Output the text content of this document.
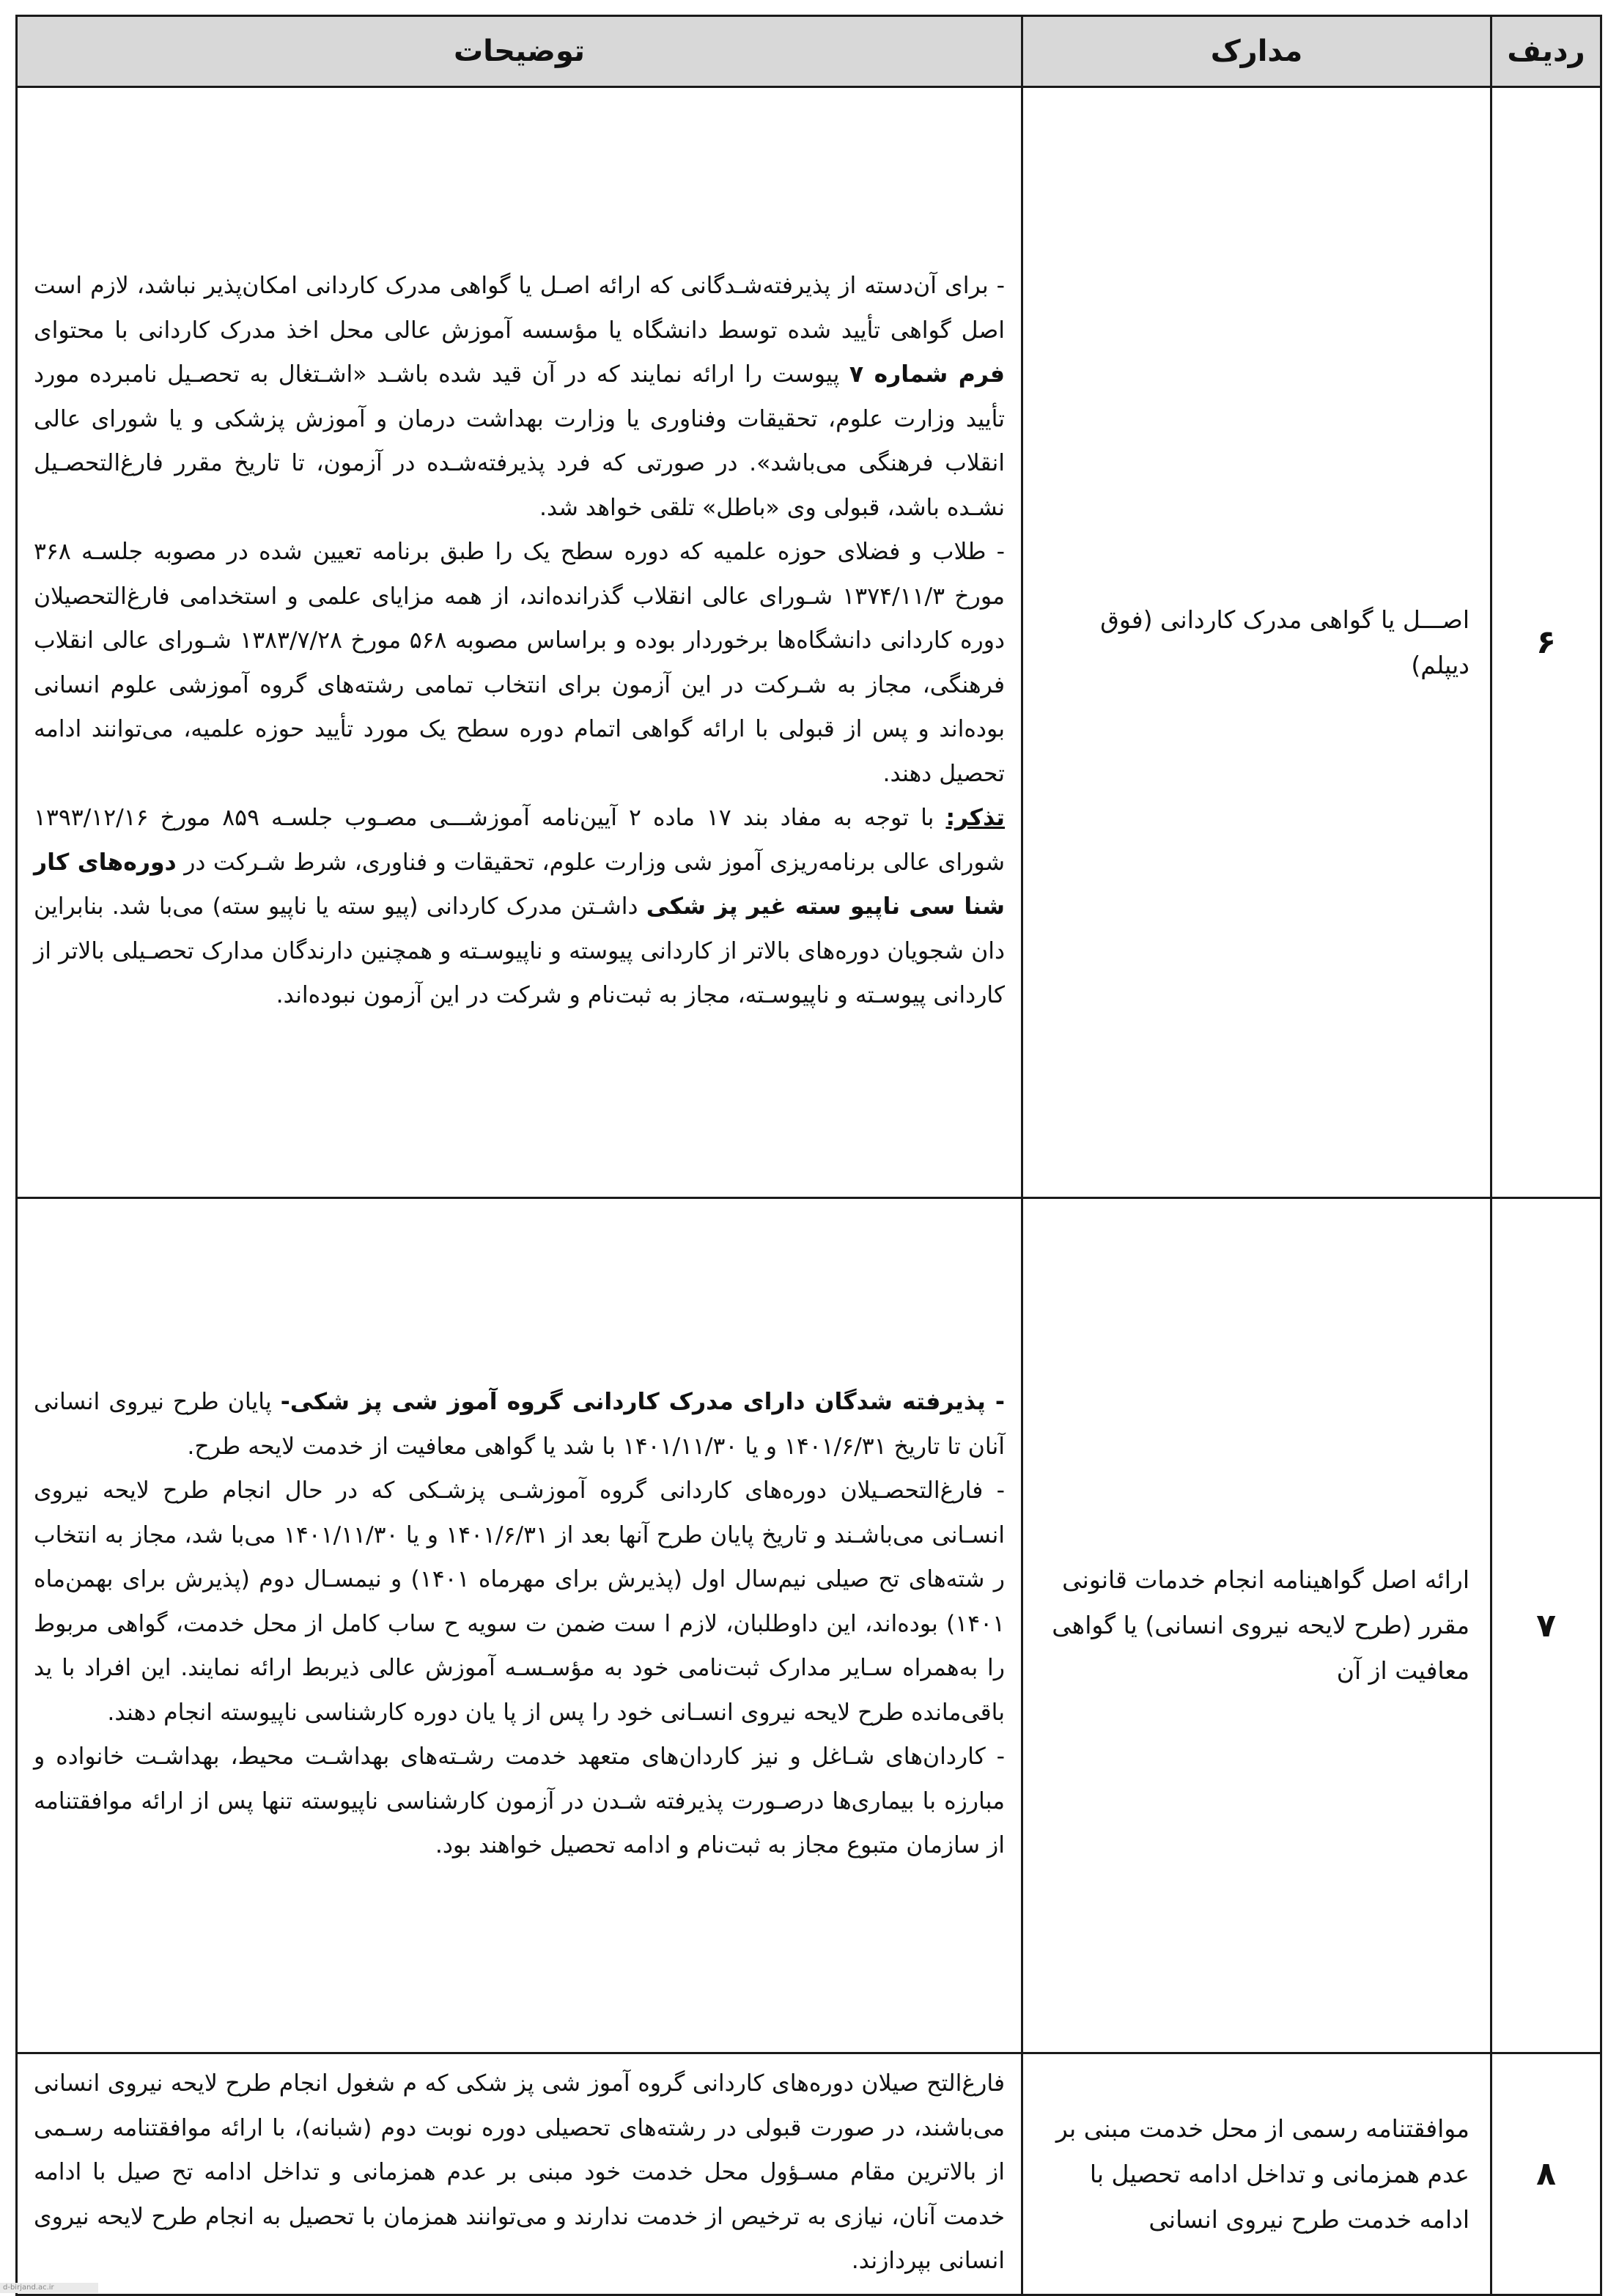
ردیف	مدارک	توضیحات
۶	اصـــل یا گواهی مدرک کاردانی (فوق دیپلم)	- برای آن‌دسته از پذیرفته‌شـدگانی که ارائه اصـل یا گواهی مدرک کاردانی امکان‌پذیر نباشد، لازم است اصل گواهی تأیید شده توسط دانشگاه یا مؤسسه آموزش عالی محل اخذ مدرک کاردانی با محتوای فرم شماره ۷ پیوست را ارائه نمایند که در آن قید شده باشـد «اشـتغال به تحصـیل نامبرده مورد تأیید وزارت علوم، تحقیقات وفناوری یا وزارت بهداشت درمان و آموزش پزشکی و یا شورای عالی انقلاب فرهنگی می‌باشد». در صورتی که فرد پذیرفته‌شـده در آزمون، تا تاریخ مقرر فارغ‌التحصـیل نشـده باشد، قبولی وی «باطل» تلقی خواهد شد.

- طلاب و فضلای حوزه علمیه که دوره سطح یک را طبق برنامه تعیین شده در مصوبه جلسـه ۳۶۸ مورخ ۱۳۷۴/۱۱/۳ شـورای عالی انقلاب گذرانده‌اند، از همه مزایای علمی و استخدامی فارغ‌التحصیلان دوره کاردانی دانشگاه‌ها برخوردار بوده و براساس مصوبه ۵۶۸ مورخ ۱۳۸۳/۷/۲۸ شـورای عالی انقلاب فرهنگی، مجاز به شـرکت در این آزمون برای انتخاب تمامی رشته‌های گروه آموزشی علوم انسانی بوده‌اند و پس از قبولی با ارائه گواهی اتمام دوره سطح یک مورد تأیید حوزه علمیه، می‌توانند ادامه تحصیل دهند.

تذکر: با توجه به مفاد بند ۱۷ ماده ۲ آیین‌نامه آموزشـــی مصـوب جلسـه ۸۵۹ مورخ ۱۳۹۳/۱۲/۱۶ شورای عالی برنامه‌ریزی آموز شی وزارت علوم، تحقیقات و فناوری، شرط شـرکت در دوره‌های کار شنا سی ناپیو سته غیر پز شکی داشـتن مدرک کاردانی (پیو سته یا ناپیو سته) می‌با شد. بنابراین دان شجویان دوره‌های بالاتر از کاردانی پیوسته و ناپیوسـته و همچنین دارندگان مدارک تحصـیلی بالاتر از کاردانی پیوسـته و ناپیوسـته، مجاز به ثبت‌نام و شرکت در این آزمون نبوده‌اند.

۷	ارائه اصل گواهینامه انجام خدمات قانونی مقرر (طرح لایحه نیروی انسانی) یا گواهی معافیت از آن	- پذیرفته شدگان دارای مدرک کاردانی گروه آموز شی پز شکی- پایان طرح نیروی انسانی آنان تا تاریخ ۱۴۰۱/۶/۳۱ و یا ۱۴۰۱/۱۱/۳۰ با شد یا گواهی معافیت از خدمت لایحه طرح.

- فارغ‌التحصـیلان دوره‌های کاردانی گروه آموزشـی پزشـکی که در حال انجام طرح لایحه نیروی انسـانی می‌باشـند و تاریخ پایان طرح آنها بعد از ۱۴۰۱/۶/۳۱ و یا ۱۴۰۱/۱۱/۳۰ می‌با شد، مجاز به انتخاب ر شته‌های تح صیلی نیم‌سال اول (پذیرش برای مهرماه ۱۴۰۱) و نیمسـال دوم (پذیرش برای بهمن‌ماه ۱۴۰۱) بوده‌اند، این داوطلبان، لازم ا ست ضمن ت سویه ح ساب کامل از محل خدمت، گواهی مربوط را به‌همراه سـایر مدارک ثبت‌نامی خود به مؤسـسـه آموزش عالی ذیربط ارائه نمایند. این افراد با ید باقی‌مانده طرح لایحه نیروی انسـانی خود را پس از پا یان دوره کارشناسی ناپیوسته انجام دهند.

- کاردان‌های شـاغل و نیز کاردان‌های متعهد خدمت رشـته‌های بهداشـت محیط، بهداشـت خانواده و مبارزه با بیماری‌ها درصـورت پذیرفته شـدن در آزمون کارشناسی ناپیوسته تنها پس از ارائه موافقتنامه از سازمان متبوع مجاز به ثبت‌نام و ادامه تحصیل خواهند بود.

۸	موافقتنامه رسمی از محل خدمت مبنی بر عدم همزمانی و تداخل ادامه تحصیل با ادامه خدمت طرح نیروی انسانی	فارغ‌التح صیلان دوره‌های کاردانی گروه آموز شی پز شکی که م شغول انجام طرح لایحه نیروی انسانی می‌باشند، در صورت قبولی در رشته‌های تحصیلی دوره نوبت دوم (شبانه)، با ارائه موافقتنامه رسـمی از بالاترین مقام مسـؤول محل خدمت خود مبنی بر عدم همزمانی و تداخل ادامه تح صیل با ادامه خدمت آنان، نیازی به ترخیص از خدمت ندارند و می‌توانند همزمان با تحصیل به انجام طرح لایحه نیروی انسانی بپردازند.

d-birjand.ac.ir
